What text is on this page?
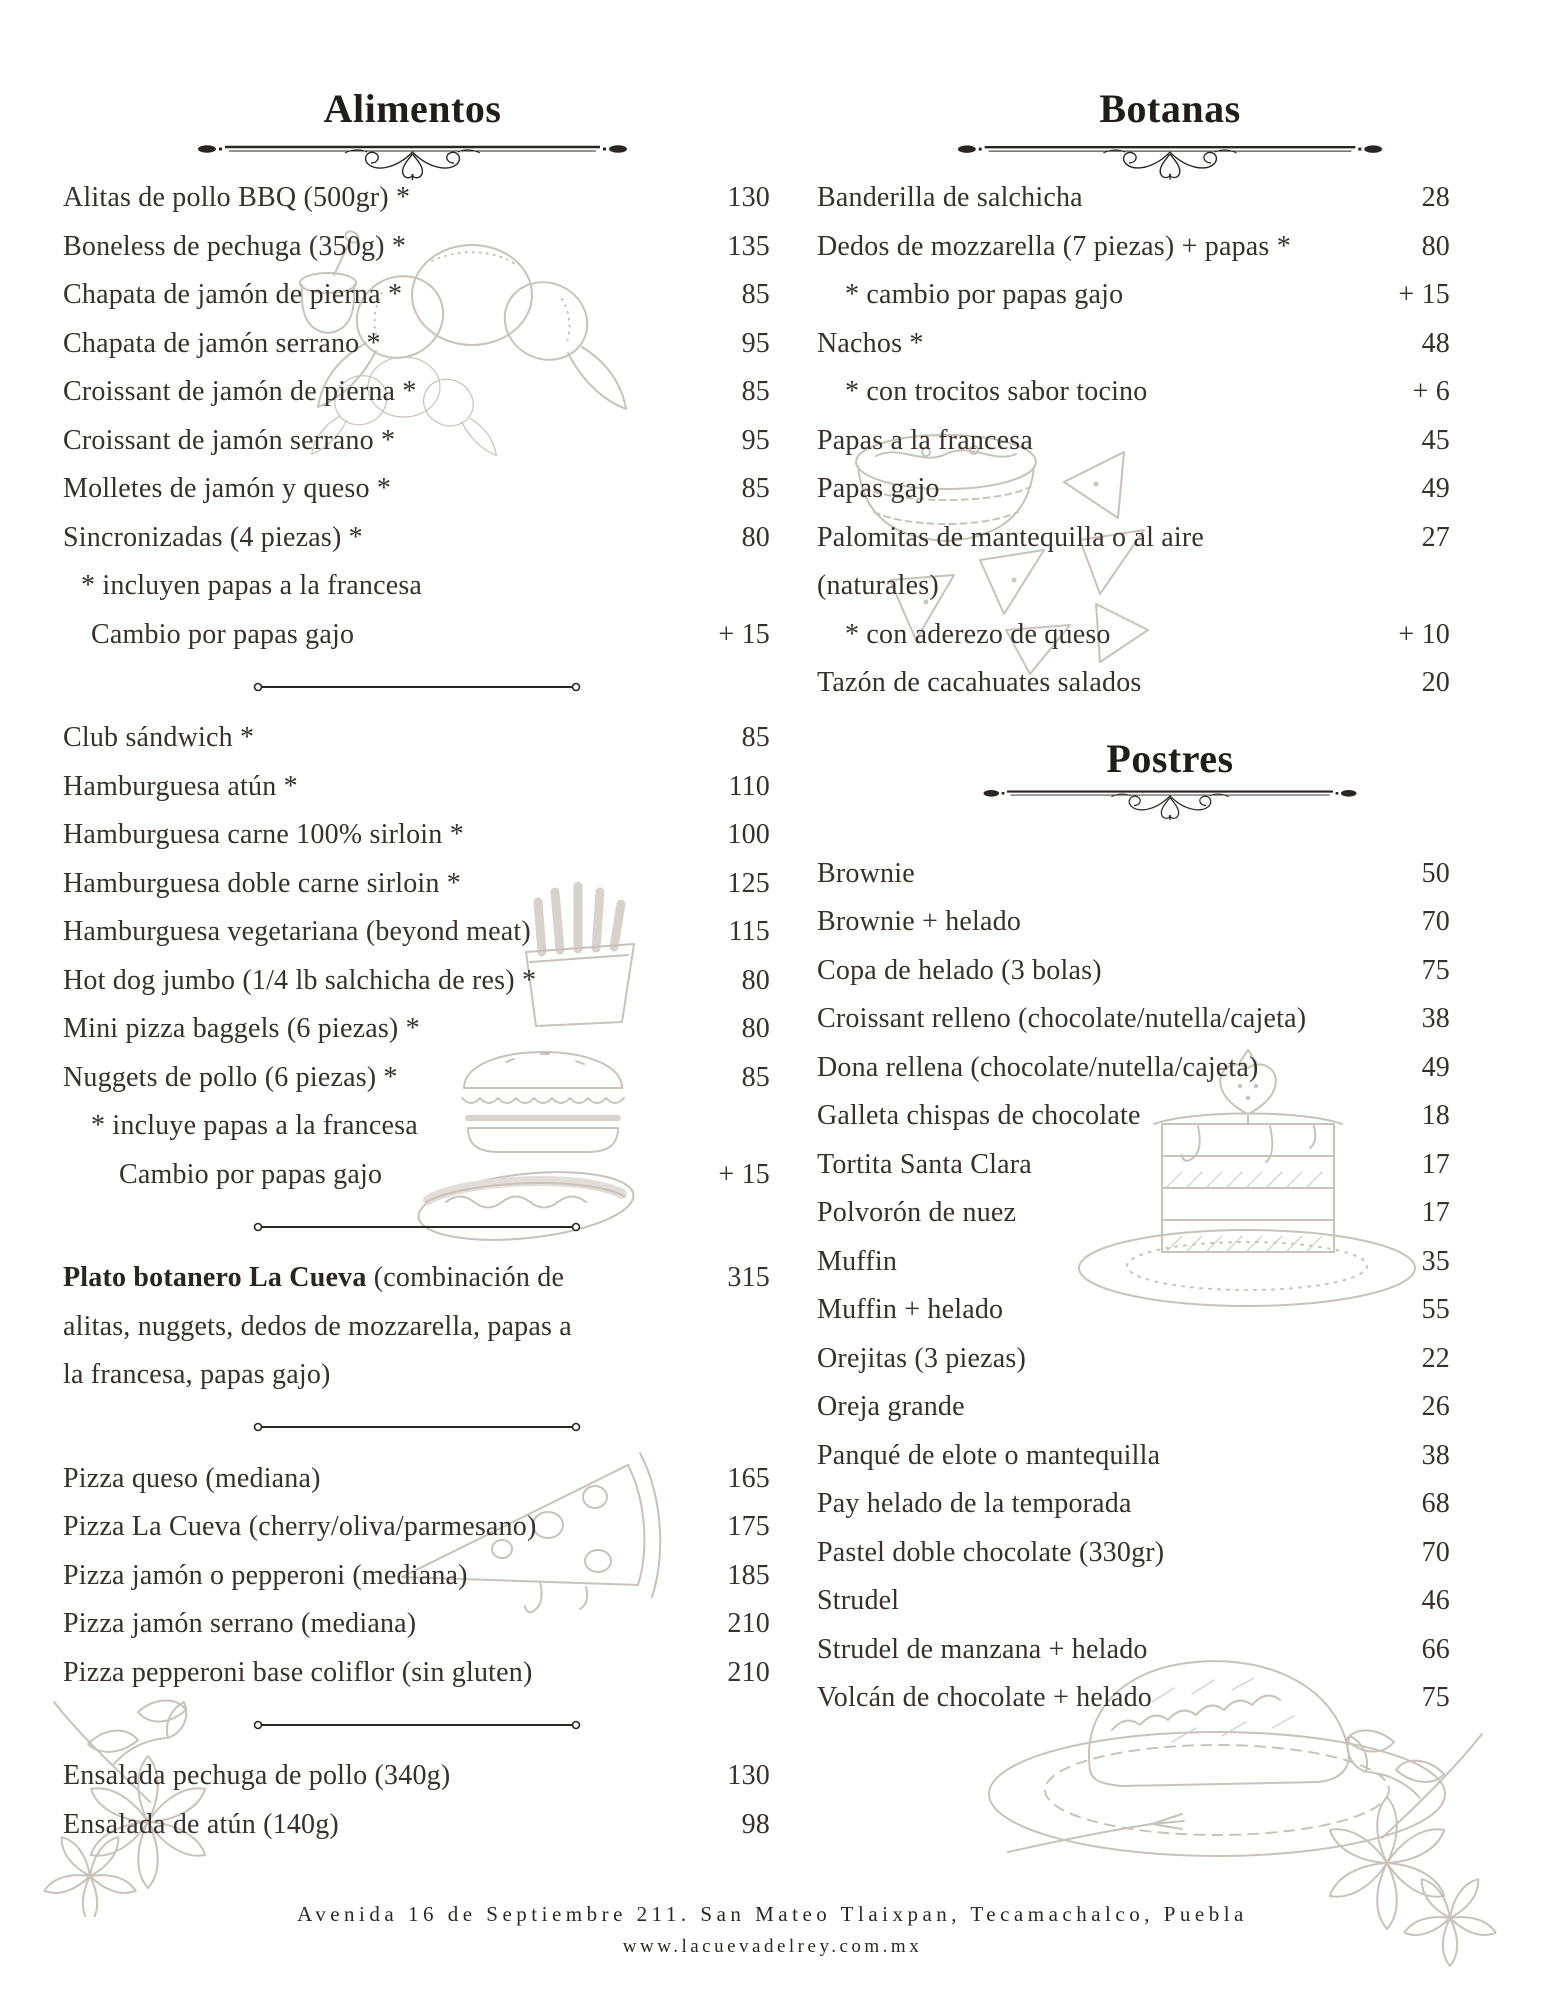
Alimentos
Alitas de pollo BBQ (500gr) *	130
Boneless de pechuga (350g) *	135
Chapata de jamón de pierna *	85
Chapata de jamón serrano *	95
Croissant de jamón de pierna *	85
Croissant de jamón serrano *	95
Molletes de jamón y queso *	85
Sincronizadas (4 piezas) *	80
* incluyen papas a la francesa
Cambio por papas gajo	+ 15
Club sándwich *	85
Hamburguesa atún *	110
Hamburguesa carne 100% sirloin *	100
Hamburguesa doble carne sirloin *	125
Hamburguesa vegetariana (beyond meat)	115
Hot dog jumbo (1/4 lb salchicha de res) *	80
Mini pizza baggels (6 piezas) *	80
Nuggets de pollo (6 piezas) *	85
* incluye papas a la francesa
Cambio por papas gajo	+ 15
Plato botanero La Cueva (combinación de	315
alitas, nuggets, dedos de mozzarella, papas a
la francesa, papas gajo)
Pizza queso (mediana)	165
Pizza La Cueva (cherry/oliva/parmesano)	175
Pizza jamón o pepperoni (mediana)	185
Pizza jamón serrano (mediana)	210
Pizza pepperoni base coliflor (sin gluten)	210
Ensalada pechuga de pollo (340g)	130
Ensalada de atún (140g)	98
Botanas
Banderilla de salchicha	28
Dedos de mozzarella (7 piezas) + papas *	80
* cambio por papas gajo	+ 15
Nachos *	48
* con trocitos sabor tocino	+ 6
Papas a la francesa	45
Papas gajo	49
Palomitas de mantequilla o al aire	27
(naturales)
* con aderezo de queso	+ 10
Tazón de cacahuates salados	20
Postres
Brownie	50
Brownie + helado	70
Copa de helado (3 bolas)	75
Croissant relleno (chocolate/nutella/cajeta)	38
Dona rellena (chocolate/nutella/cajeta)	49
Galleta chispas de chocolate	18
Tortita Santa Clara	17
Polvorón de nuez	17
Muffin	35
Muffin + helado	55
Orejitas (3 piezas)	22
Oreja grande	26
Panqué de elote o mantequilla	38
Pay helado de la temporada	68
Pastel doble chocolate (330gr)	70
Strudel	46
Strudel de manzana + helado	66
Volcán de chocolate + helado	75
Avenida 16 de Septiembre 211. San Mateo Tlaixpan, Tecamachalco, Puebla
www.lacuevadelrey.com.mx
